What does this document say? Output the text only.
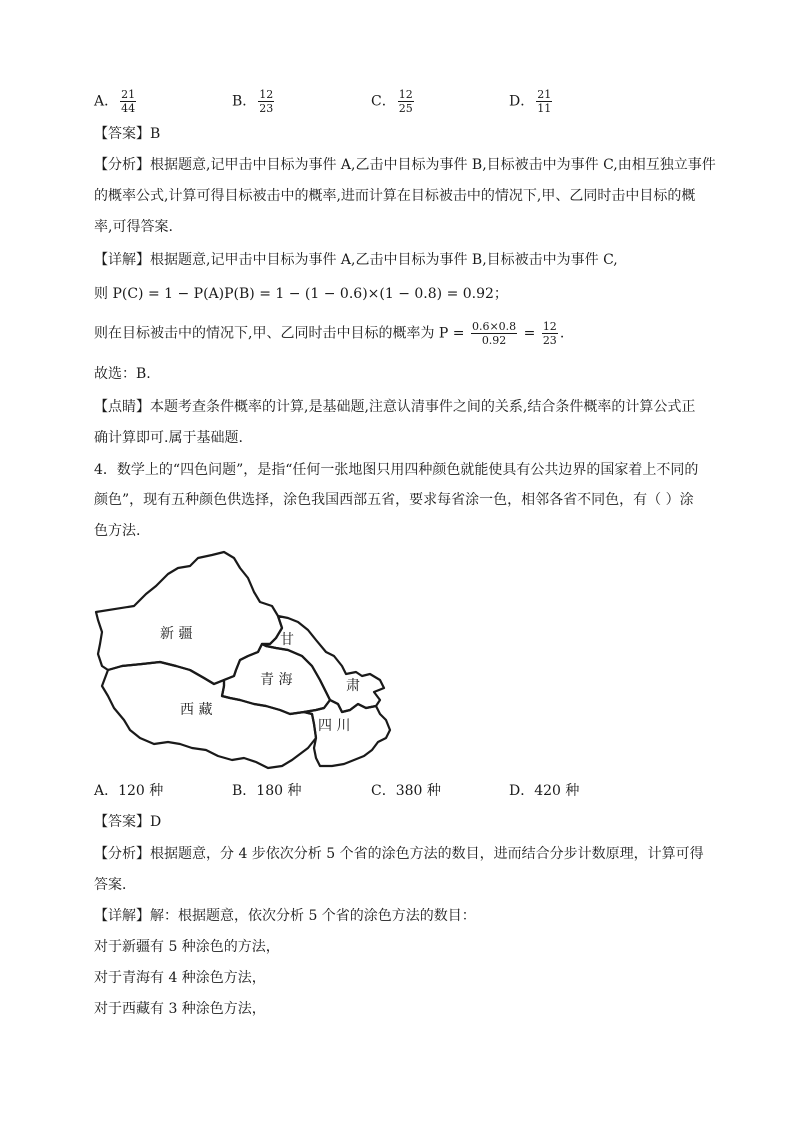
A． $\frac{21}{44}$	B． $\frac{12}{23}$	C． $\frac{12}{25}$	D． $\frac{21}{11}$
【答案】B
【分析】根据题意,记甲击中目标为事件 A,乙击中目标为事件 B,目标被击中为事件 C,由相互独立事件
的概率公式,计算可得目标被击中的概率,进而计算在目标被击中的情况下,甲、乙同时击中目标的概
率,可得答案.
【详解】根据题意,记甲击中目标为事件 A,乙击中目标为事件 B,目标被击中为事件 C,
则 P(C) = 1 − P(A)P(B) = 1 − (1 − 0.6)×(1 − 0.8) = 0.92；
则在目标被击中的情况下,甲、乙同时击中目标的概率为 $P = \frac{0.6\times 0.8}{0.92} = \frac{12}{23}$ .
故选：B.
【点睛】本题考查条件概率的计算,是基础题,注意认清事件之间的关系,结合条件概率的计算公式正
确计算即可.属于基础题.
4．数学上的“四色问题”，是指“任何一张地图只用四种颜色就能使具有公共边界的国家着上不同的
颜色”，现有五种颜色供选择，涂色我国西部五省，要求每省涂一色，相邻各省不同色，有（ ）涂
色方法.
新 疆	甘
青 海	肃
西 藏
四 川
A．120 种	B．180 种	C．380 种	D．420 种
【答案】D
【分析】根据题意，分 4 步依次分析 5 个省的涂色方法的数目，进而结合分步计数原理，计算可得
答案．
【详解】解：根据题意，依次分析 5 个省的涂色方法的数目：
对于新疆有 5 种涂色的方法，
对于青海有 4 种涂色方法，
对于西藏有 3 种涂色方法，
